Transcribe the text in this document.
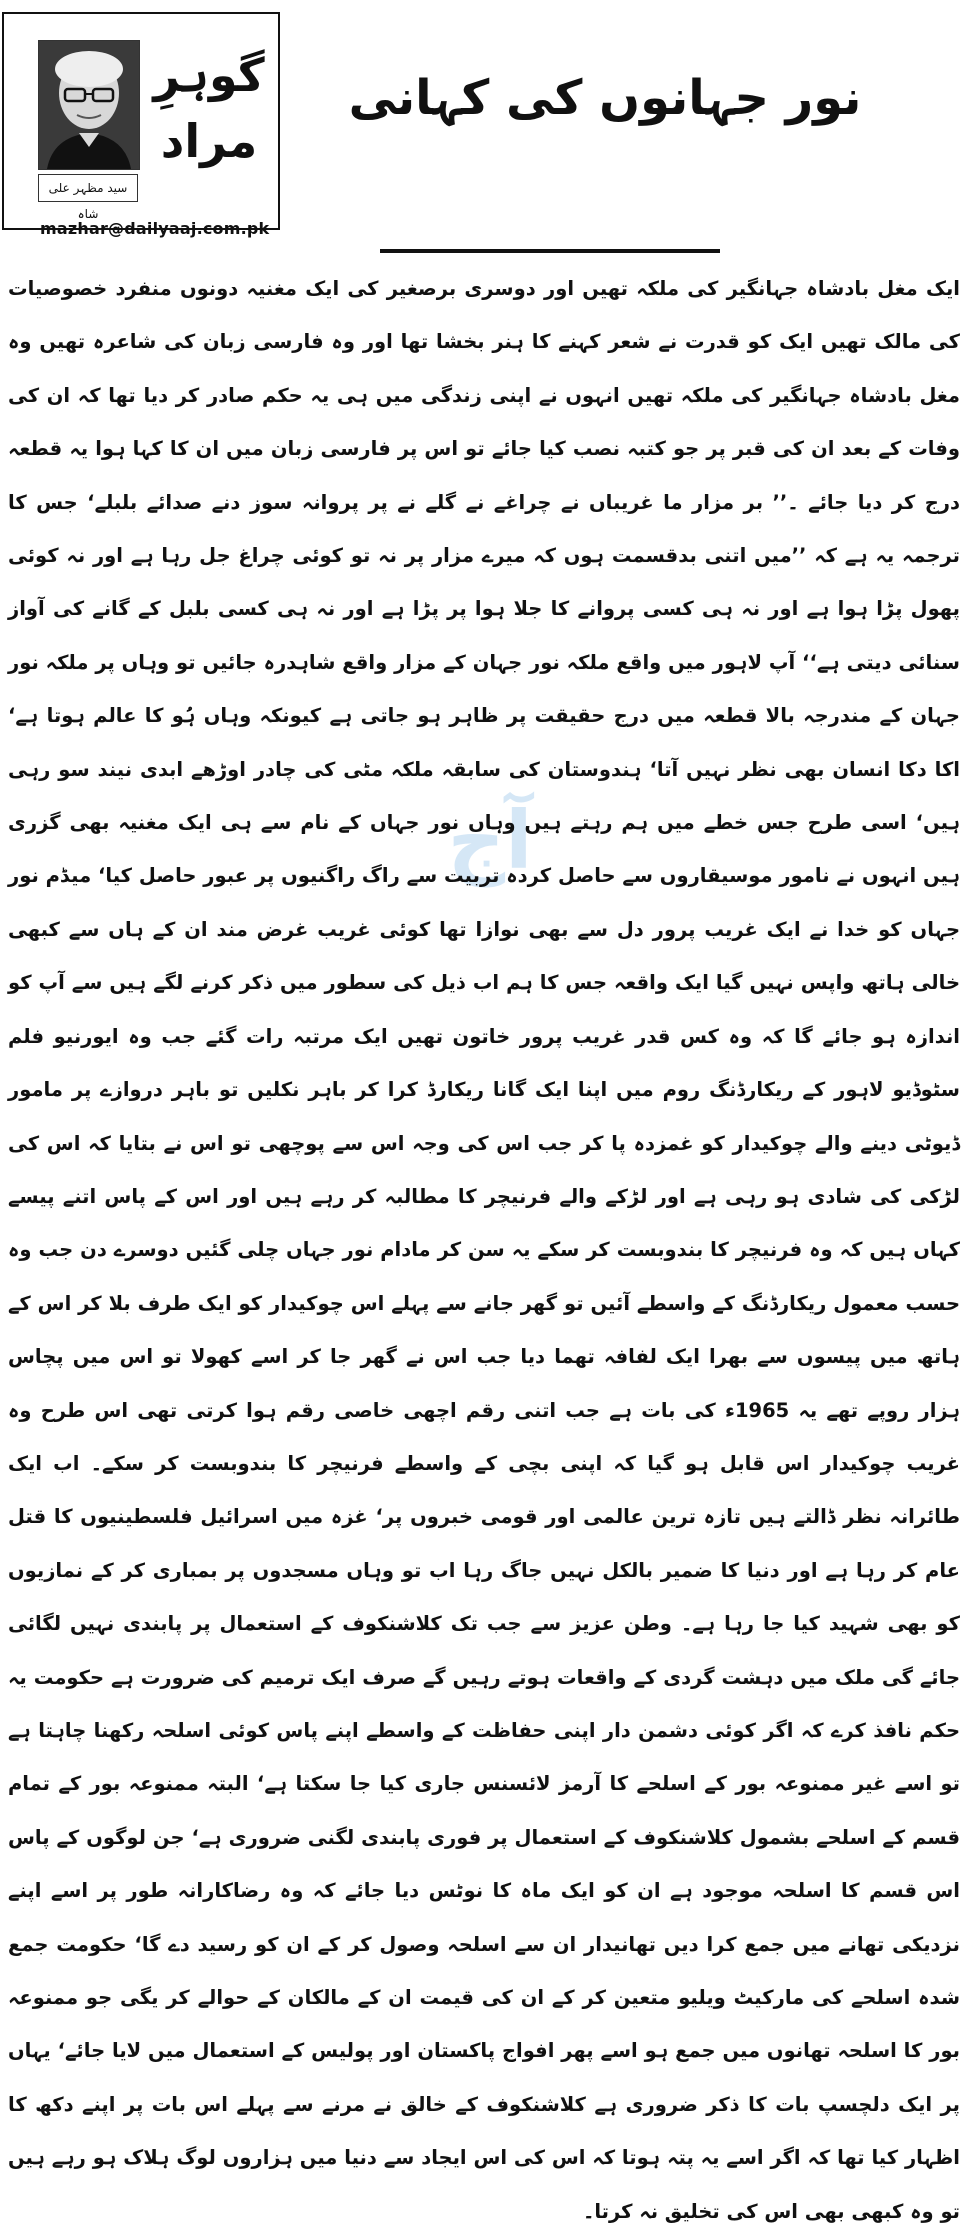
سید مظہر علی شاہ
گوہرِ مراد
mazhar@dailyaaj.com.pk
نور جہانوں کی کہانی
آج

ایک مغل بادشاہ جہانگیر کی ملکہ تھیں اور دوسری برصغیر کی ایک مغنیہ دونوں منفرد خصوصیات کی مالک تھیں ایک کو قدرت نے شعر کہنے کا ہنر بخشا تھا اور وہ فارسی زبان کی شاعرہ تھیں وہ مغل بادشاہ جہانگیر کی ملکہ تھیں انہوں نے اپنی زندگی میں ہی یہ حکم صادر کر دیا تھا کہ ان کی وفات کے بعد ان کی قبر پر جو کتبہ نصب کیا جائے تو اس پر فارسی زبان میں ان کا کہا ہوا یہ قطعہ درج کر دیا جائے ۔’’ بر مزار ما غریباں نے چراغے نے گلے نے پر پروانہ سوز دنے صدائے بلبلے‘ جس کا ترجمہ یہ ہے کہ ’’میں اتنی بدقسمت ہوں کہ میرے مزار پر نہ تو کوئی چراغ جل رہا ہے اور نہ کوئی پھول پڑا ہوا ہے اور نہ ہی کسی پروانے کا جلا ہوا پر پڑا ہے اور نہ ہی کسی بلبل کے گانے کی آواز سنائی دیتی ہے‘‘ آپ لاہور میں واقع ملکہ نور جہان کے مزار واقع شاہدرہ جائیں تو وہاں پر ملکہ نور جہان کے مندرجہ بالا قطعہ میں درج حقیقت پر ظاہر ہو جاتی ہے کیونکہ وہاں ہُو کا عالم ہوتا ہے‘ اکا دکا انسان بھی نظر نہیں آتا‘ ہندوستان کی سابقہ ملکہ مٹی کی چادر اوڑھے ابدی نیند سو رہی ہیں‘ اسی طرح جس خطے میں ہم رہتے ہیں وہاں نور جہاں کے نام سے ہی ایک مغنیہ بھی گزری ہیں انہوں نے نامور موسیقاروں سے حاصل کردہ تربیت سے راگ راگنیوں پر عبور حاصل کیا‘ میڈم نور جہاں کو خدا نے ایک غریب پرور دل سے بھی نوازا تھا کوئی غریب غرض مند ان کے ہاں سے کبھی خالی ہاتھ واپس نہیں گیا ایک واقعہ جس کا ہم اب ذیل کی سطور میں ذکر کرنے لگے ہیں سے آپ کو اندازہ ہو جائے گا کہ وہ کس قدر غریب پرور خاتون تھیں ایک مرتبہ رات گئے جب وہ ایورنیو فلم سٹوڈیو لاہور کے ریکارڈنگ روم میں اپنا ایک گانا ریکارڈ کرا کر باہر نکلیں تو باہر دروازے پر مامور ڈیوٹی دینے والے چوکیدار کو غمزدہ پا کر جب اس کی وجہ اس سے پوچھی تو اس نے بتایا کہ اس کی لڑکی کی شادی ہو رہی ہے اور لڑکے والے فرنیچر کا مطالبہ کر رہے ہیں اور اس کے پاس اتنے پیسے کہاں ہیں کہ وہ فرنیچر کا بندوبست کر سکے یہ سن کر مادام نور جہاں چلی گئیں دوسرے دن جب وہ حسب معمول ریکارڈنگ کے واسطے آئیں تو گھر جانے سے پہلے اس چوکیدار کو ایک طرف بلا کر اس کے ہاتھ میں پیسوں سے بھرا ایک لفافہ تھما دیا جب اس نے گھر جا کر اسے کھولا تو اس میں پچاس ہزار روپے تھے یہ 1965ء کی بات ہے جب اتنی رقم اچھی خاصی رقم ہوا کرتی تھی اس طرح وہ غریب چوکیدار اس قابل ہو گیا کہ اپنی بچی کے واسطے فرنیچر کا بندوبست کر سکے۔ اب ایک طائرانہ نظر ڈالتے ہیں تازہ ترین عالمی اور قومی خبروں پر‘ غزہ میں اسرائیل فلسطینیوں کا قتل عام کر رہا ہے اور دنیا کا ضمیر بالکل نہیں جاگ رہا اب تو وہاں مسجدوں پر بمباری کر کے نمازیوں کو بھی شہید کیا جا رہا ہے۔ وطن عزیز سے جب تک کلاشنکوف کے استعمال پر پابندی نہیں لگائی جائے گی ملک میں دہشت گردی کے واقعات ہوتے رہیں گے صرف ایک ترمیم کی ضرورت ہے حکومت یہ حکم نافذ کرے کہ اگر کوئی دشمن دار اپنی حفاظت کے واسطے اپنے پاس کوئی اسلحہ رکھنا چاہتا ہے تو اسے غیر ممنوعہ بور کے اسلحے کا آرمز لائسنس جاری کیا جا سکتا ہے‘ البتہ ممنوعہ بور کے تمام قسم کے اسلحے بشمول کلاشنکوف کے استعمال پر فوری پابندی لگنی ضروری ہے‘ جن لوگوں کے پاس اس قسم کا اسلحہ موجود ہے ان کو ایک ماہ کا نوٹس دیا جائے کہ وہ رضاکارانہ طور پر اسے اپنے نزدیکی تھانے میں جمع کرا دیں تھانیدار ان سے اسلحہ وصول کر کے ان کو رسید دے گا‘ حکومت جمع شدہ اسلحے کی مارکیٹ ویلیو متعین کر کے ان کی قیمت ان کے مالکان کے حوالے کر یگی جو ممنوعہ بور کا اسلحہ تھانوں میں جمع ہو اسے پھر افواج پاکستان اور پولیس کے استعمال میں لایا جائے‘ یہاں پر ایک دلچسپ بات کا ذکر ضروری ہے کلاشنکوف کے خالق نے مرنے سے پہلے اس بات پر اپنے دکھ کا اظہار کیا تھا کہ اگر اسے یہ پتہ ہوتا کہ اس کی اس ایجاد سے دنیا میں ہزاروں لوگ ہلاک ہو رہے ہیں تو وہ کبھی بھی اس کی تخلیق نہ کرتا۔
